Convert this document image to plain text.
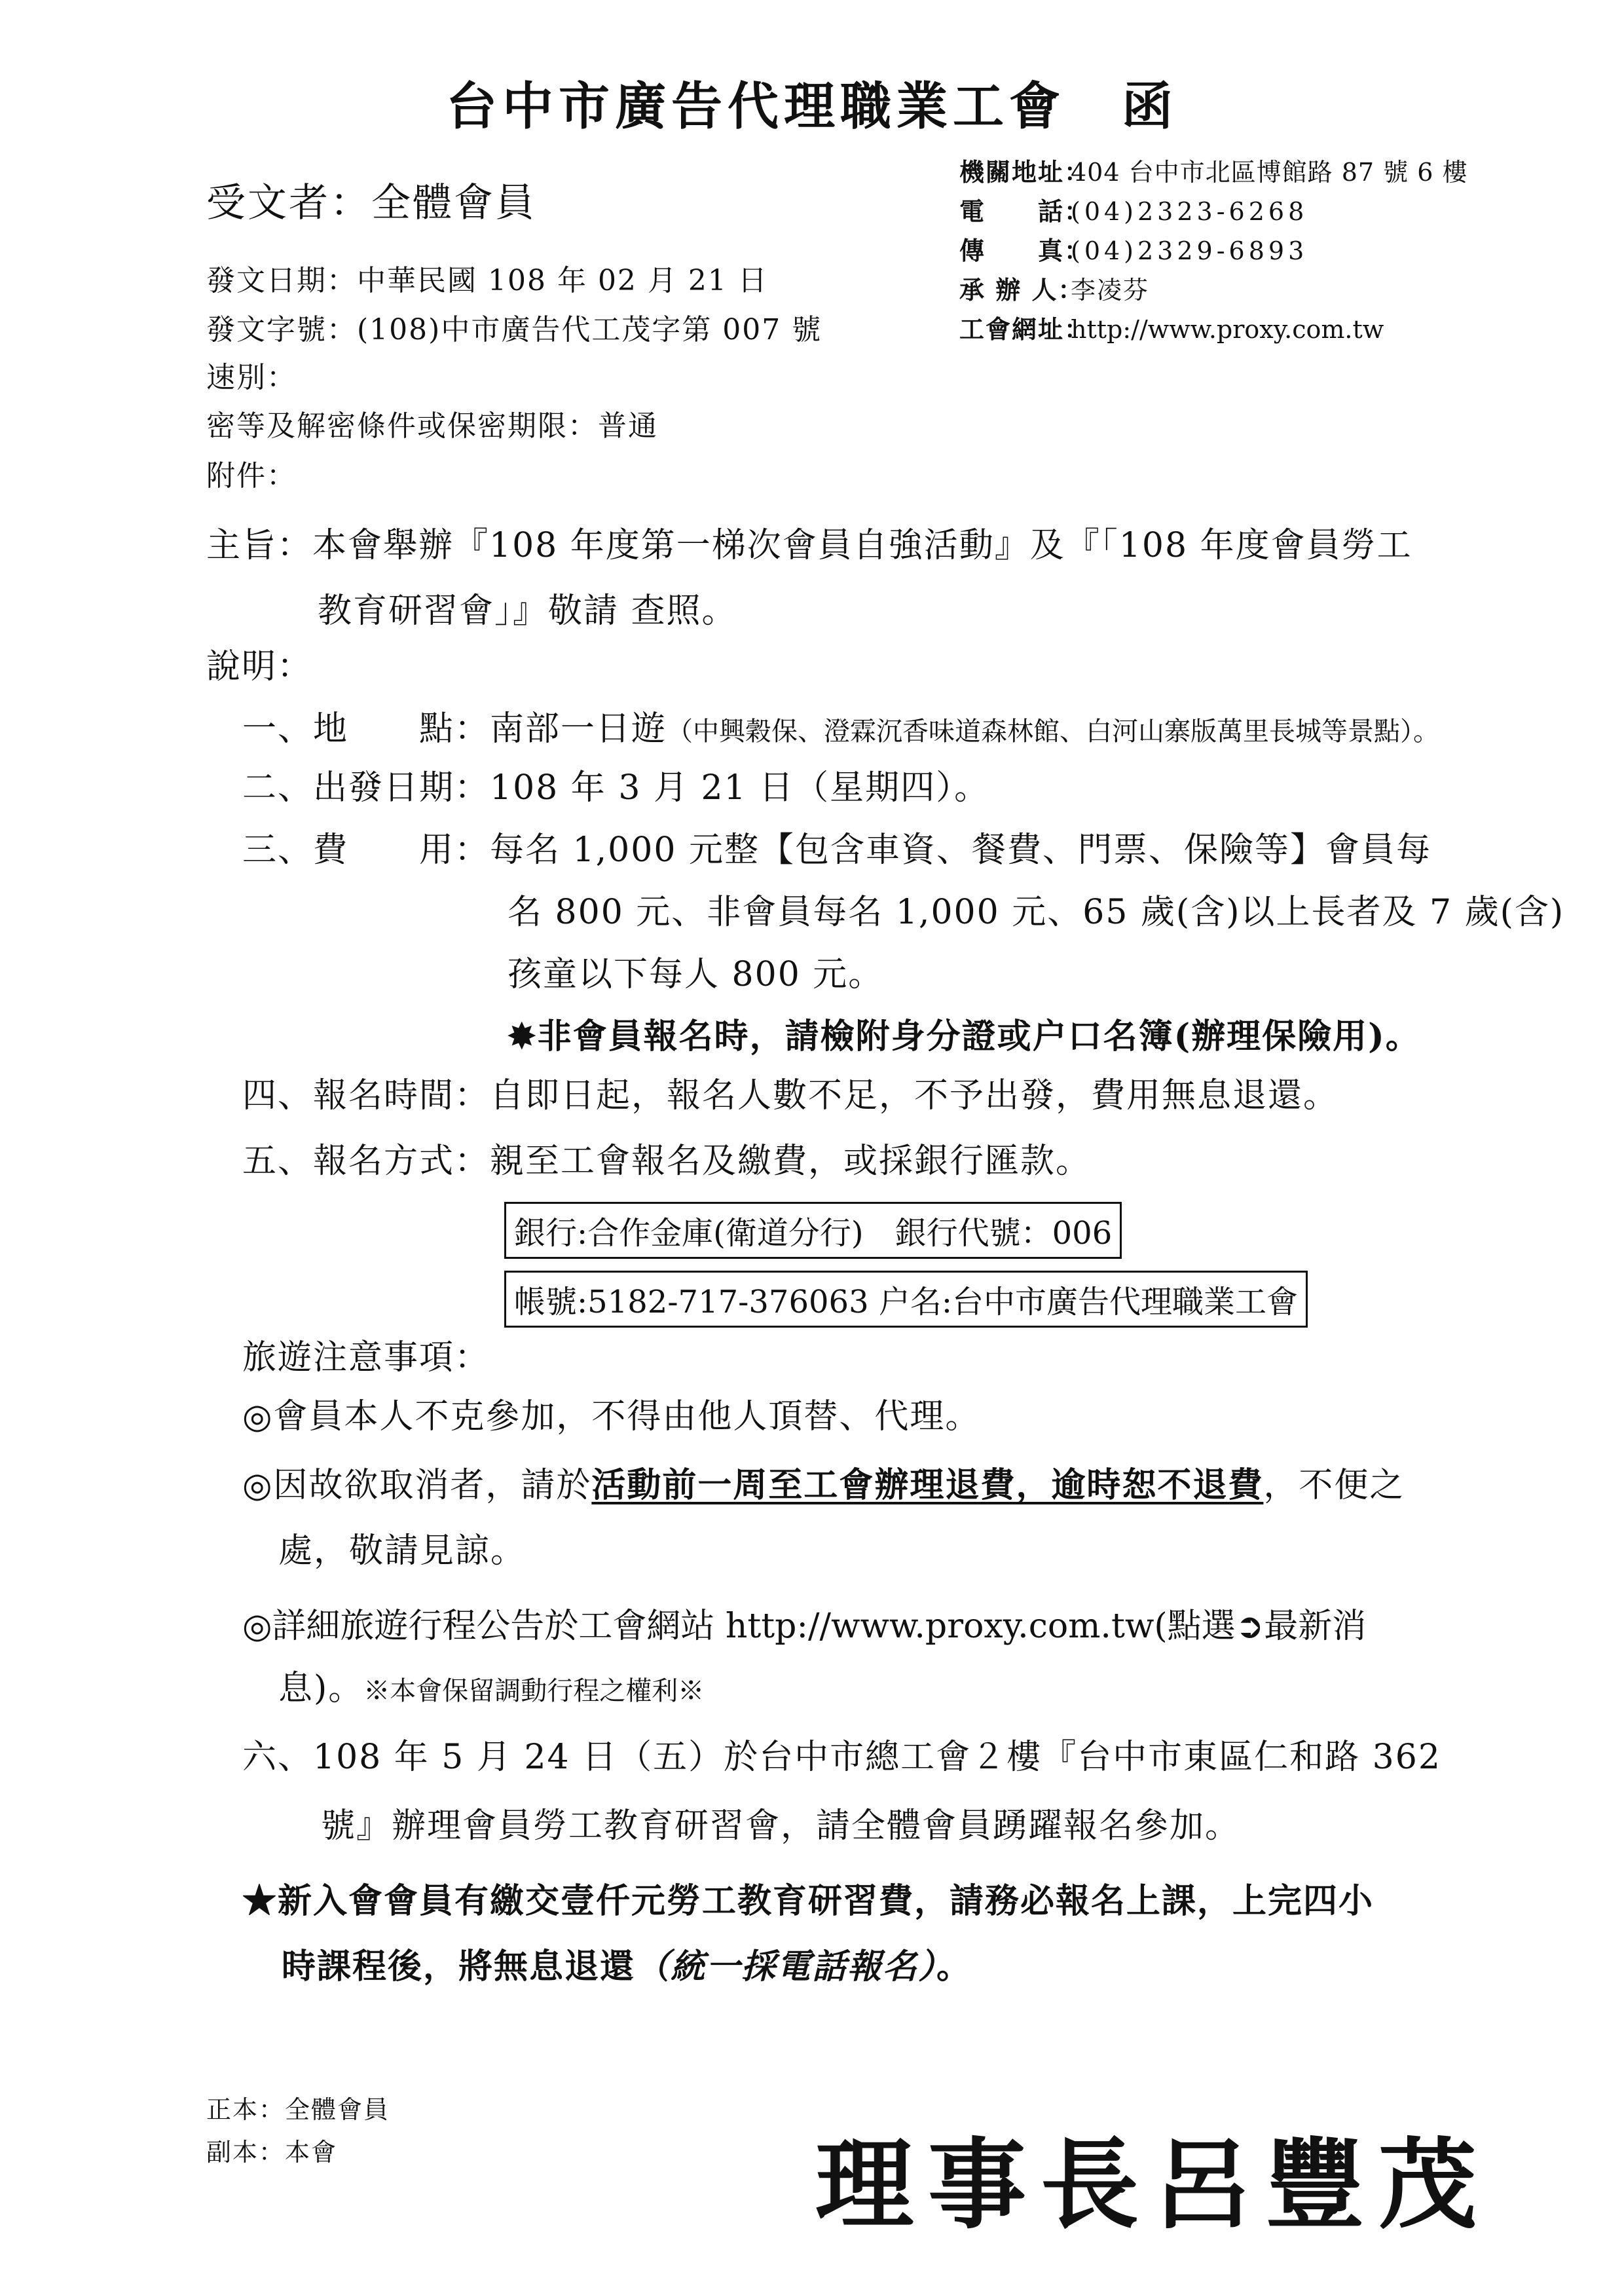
台中市廣告代理職業工會　函
機關地址：404 台中市北區博館路 87 號 6 樓
電　　話：(04)2323-6268
傳　　真：(04)2329-6893
承 辦 人：李凌芬
工會網址：http://www.proxy.com.tw
受文者：全體會員
發文日期：中華民國 108 年 02 月 21 日
發文字號：(108)中市廣告代工茂字第 007 號
速別：
密等及解密條件或保密期限：普通
附件：
主旨：本會舉辦『108 年度第一梯次會員自強活動』及『「108 年度會員勞工
教育研習會」』敬請 查照。
說明：
一、地　　點：南部一日遊（中興穀保、澄霖沉香味道森林館、白河山寨版萬里長城等景點）。
二、出發日期：108 年 3 月 21 日（星期四）。
三、費　　用：每名 1,000 元整【包含車資、餐費、門票、保險等】會員每
名 800 元、非會員每名 1,000 元、65 歲(含)以上長者及 7 歲(含)
孩童以下每人 800 元。
✸非會員報名時，請檢附身分證或户口名簿(辦理保險用)。
四、報名時間：自即日起，報名人數不足，不予出發，費用無息退還。
五、報名方式：親至工會報名及繳費，或採銀行匯款。
銀行:合作金庫(衛道分行)　銀行代號：006
帳號:5182-717-376063 户名:台中市廣告代理職業工會
旅遊注意事項：
◎會員本人不克參加，不得由他人頂替、代理。
◎因故欲取消者，請於活動前一周至工會辦理退費，逾時恕不退費，不便之
處，敬請見諒。
◎詳細旅遊行程公告於工會網站 http://www.proxy.com.tw(點選➲最新消
息)。※本會保留調動行程之權利※
六、108 年 5 月 24 日（五）於台中市總工會２樓『台中市東區仁和路 362
號』辦理會員勞工教育研習會，請全體會員踴躍報名參加。
★新入會會員有繳交壹仟元勞工教育研習費，請務必報名上課，上完四小
時課程後，將無息退還（統一採電話報名）。
正本：全體會員
副本：本會	理事長呂豐茂
